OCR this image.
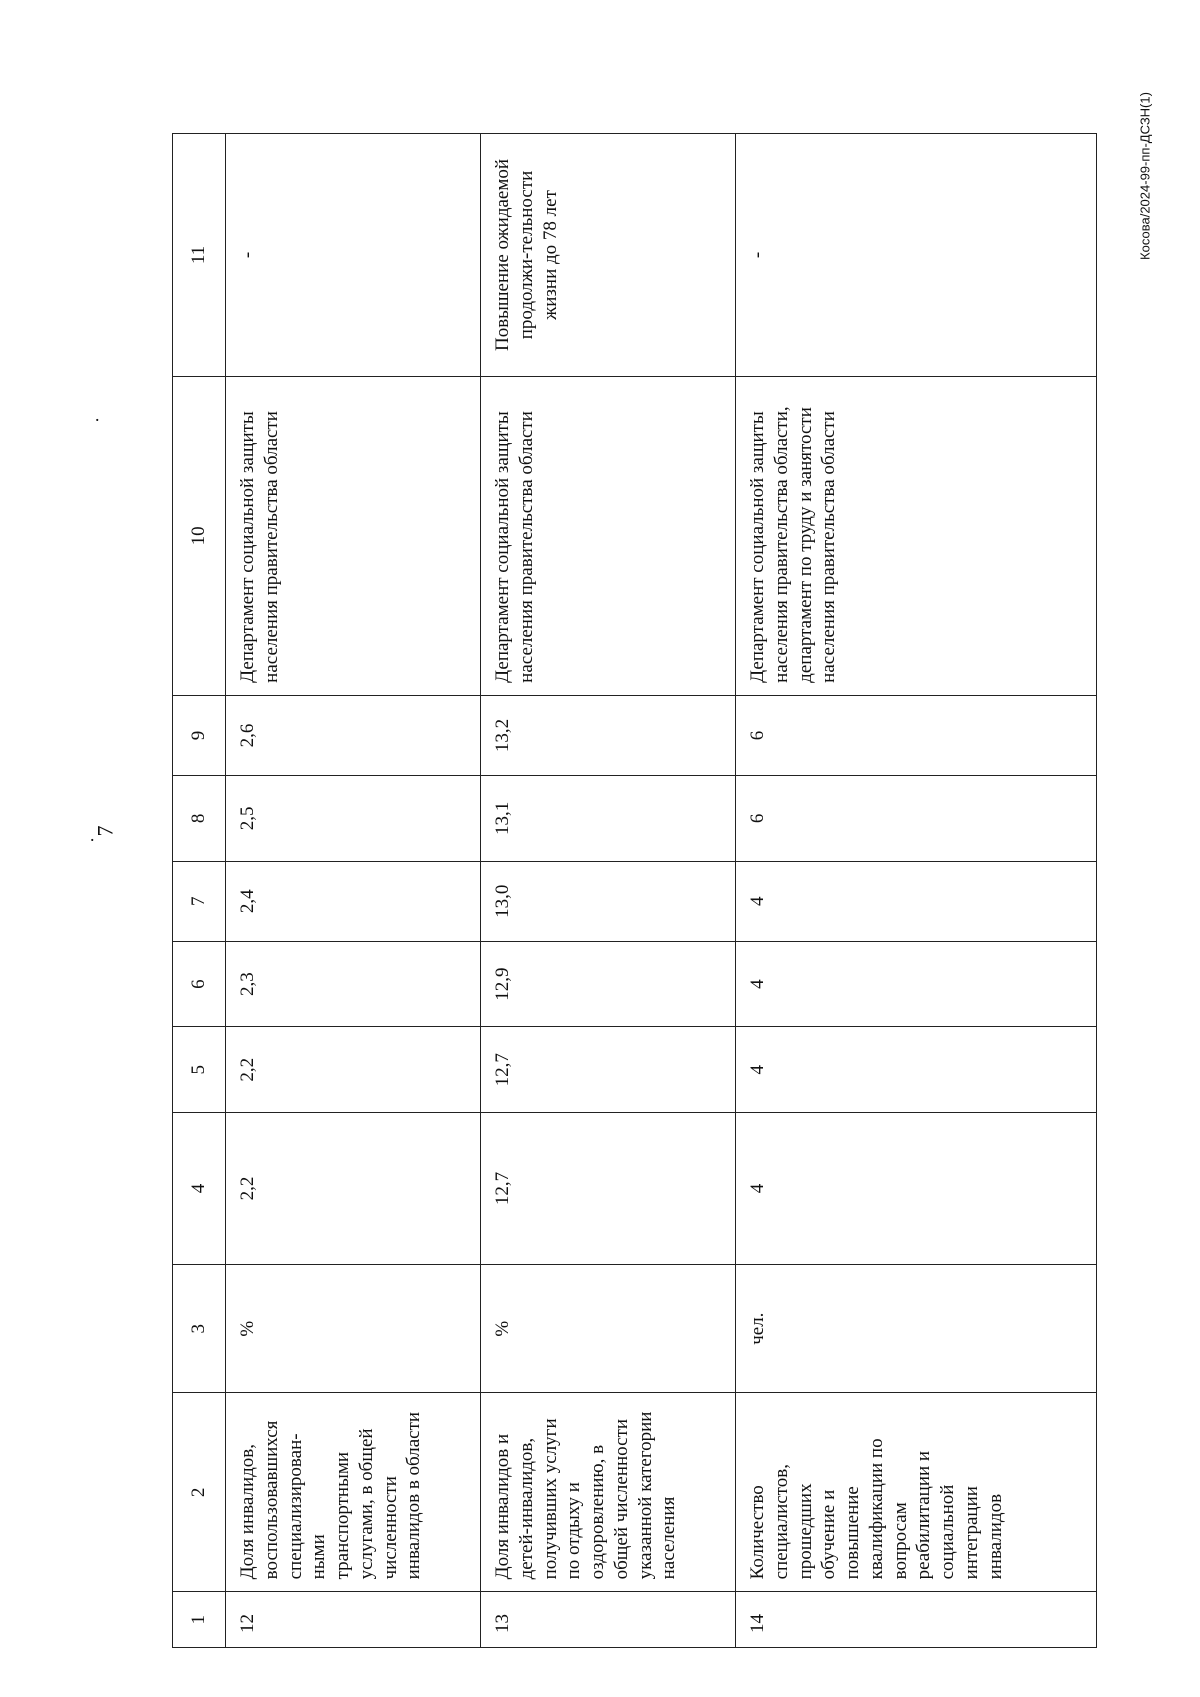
7
Косова/2024-99-пп-ДСЗН(1)
.
.
1	2	3	4	5	6	7	8	9	10	11
12	Доля инвалидов, воспользовавшихся специализирован-ными транспортными услугами, в общей численности инвалидов в области	%	2,2	2,2	2,3	2,4	2,5	2,6	Департамент социальной защиты населения правительства области	-
13	Доля инвалидов и детей-инвалидов, получивших услуги по отдыху и оздоровлению, в общей численности указанной категории населения	%	12,7	12,7	12,9	13,0	13,1	13,2	Департамент социальной защиты населения правительства области	Повышение ожидаемой продолжи-тельности жизни до 78 лет
14	Количество специалистов, прошедших обучение и повышение квалификации по вопросам реабилитации и социальной интеграции инвалидов	чел.	4	4	4	4	6	6	Департамент социальной защиты населения правительства области, департамент по труду и занятости населения правительства области	-
